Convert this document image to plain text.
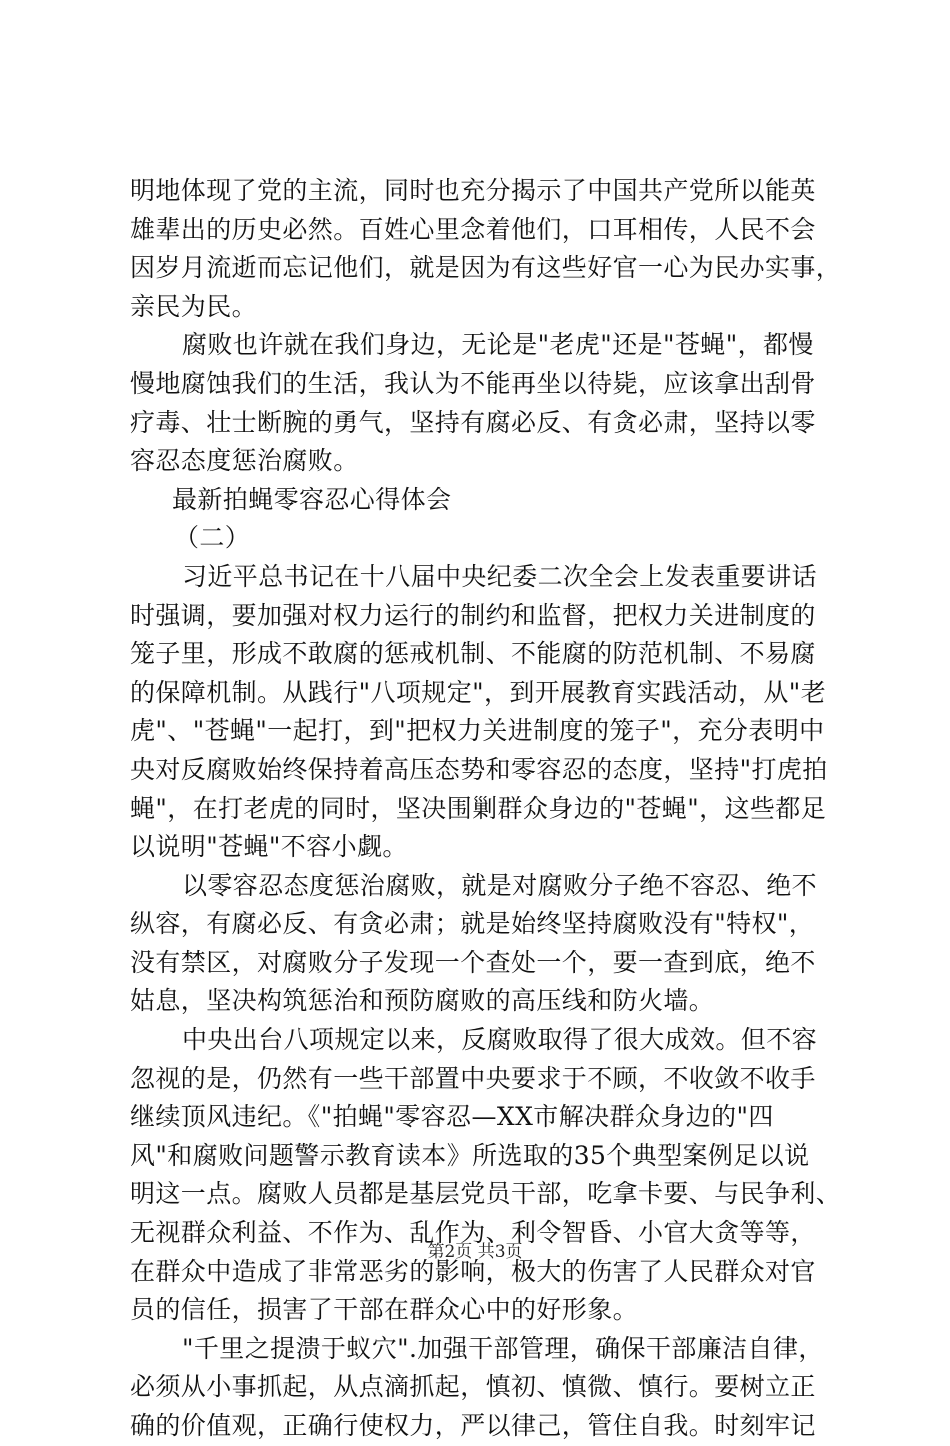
明地体现了党的主流，同时也充分揭示了中国共产党所以能英
雄辈出的历史必然。百姓心里念着他们，口耳相传，人民不会
因岁月流逝而忘记他们，就是因为有这些好官一心为民办实事，
亲民为民。
腐败也许就在我们身边，无论是"老虎"还是"苍蝇"，都慢
慢地腐蚀我们的生活，我认为不能再坐以待毙，应该拿出刮骨
疗毒、壮士断腕的勇气，坚持有腐必反、有贪必肃，坚持以零
容忍态度惩治腐败。
最新拍蝇零容忍心得体会
（二）
习近平总书记在十八届中央纪委二次全会上发表重要讲话
时强调，要加强对权力运行的制约和监督，把权力关进制度的
笼子里，形成不敢腐的惩戒机制、不能腐的防范机制、不易腐
的保障机制。从践行"八项规定"，到开展教育实践活动，从"老
虎"、"苍蝇"一起打，到"把权力关进制度的笼子"，充分表明中
央对反腐败始终保持着高压态势和零容忍的态度，坚持"打虎拍
蝇"，在打老虎的同时，坚决围剿群众身边的"苍蝇"，这些都足
以说明"苍蝇"不容小觑。
以零容忍态度惩治腐败，就是对腐败分子绝不容忍、绝不
纵容，有腐必反、有贪必肃；就是始终坚持腐败没有"特权"，
没有禁区，对腐败分子发现一个查处一个，要一查到底，绝不
姑息，坚决构筑惩治和预防腐败的高压线和防火墙。
中央出台八项规定以来，反腐败取得了很大成效。但不容
忽视的是，仍然有一些干部置中央要求于不顾，不收敛不收手
继续顶风违纪。《"拍蝇"零容忍—XX市解决群众身边的"四
风"和腐败问题警示教育读本》所选取的35个典型案例足以说
明这一点。腐败人员都是基层党员干部，吃拿卡要、与民争利、
无视群众利益、不作为、乱作为、利令智昏、小官大贪等等，
在群众中造成了非常恶劣的影响，极大的伤害了人民群众对官
员的信任，损害了干部在群众心中的好形象。
"千里之提溃于蚁穴".加强干部管理，确保干部廉洁自律，
必须从小事抓起，从点滴抓起，慎初、慎微、慎行。要树立正
确的价值观，正确行使权力，严以律己，管住自我。时刻牢记
第2页 共3页
